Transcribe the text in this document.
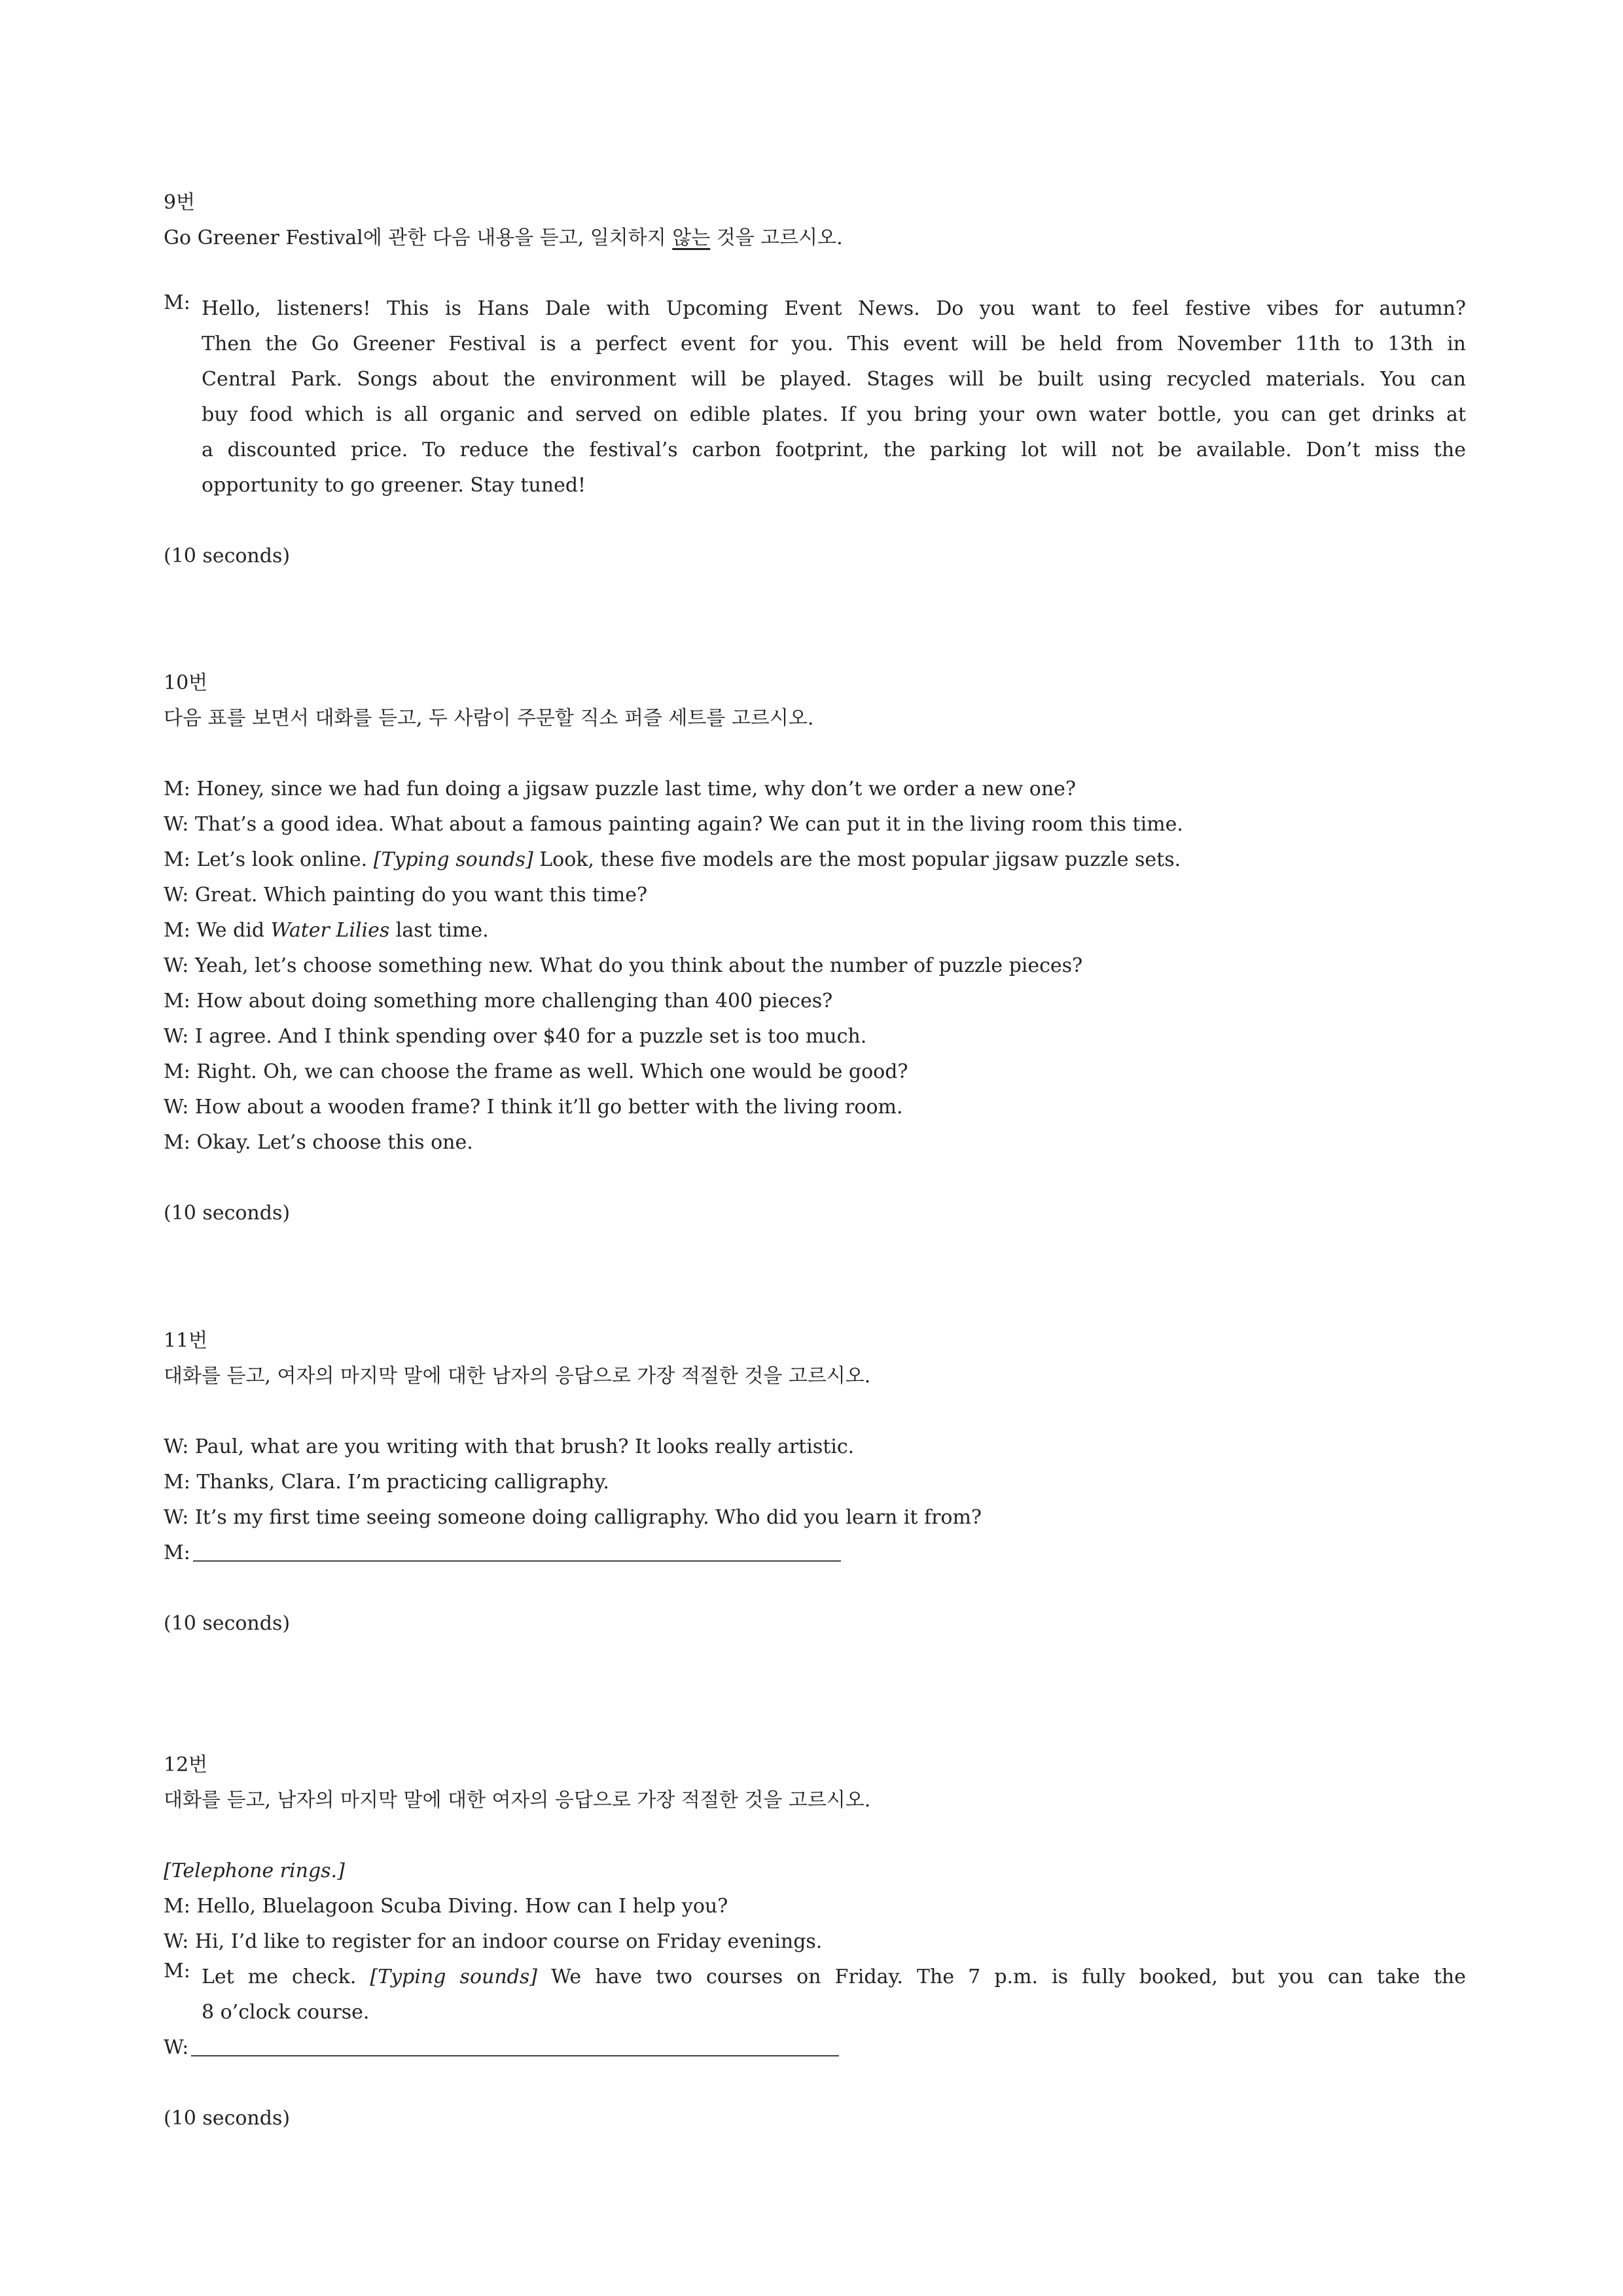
9번
Go Greener Festival에 관한 다음 내용을 듣고, 일치하지 않는 것을 고르시오.
M: Hello, listeners! This is Hans Dale with Upcoming Event News. Do you want to feel festive vibes for autumn?
Then the Go Greener Festival is a perfect event for you. This event will be held from November 11th to 13th in
Central Park. Songs about the environment will be played. Stages will be built using recycled materials. You can
buy food which is all organic and served on edible plates. If you bring your own water bottle, you can get drinks at
a discounted price. To reduce the festival’s carbon footprint, the parking lot will not be available. Don’t miss the
opportunity to go greener. Stay tuned!
(10 seconds)
10번
다음 표를 보면서 대화를 듣고, 두 사람이 주문할 직소 퍼즐 세트를 고르시오.
M: Honey, since we had fun doing a jigsaw puzzle last time, why don’t we order a new one?
W: That’s a good idea. What about a famous painting again? We can put it in the living room this time.
M: Let’s look online. [Typing sounds] Look, these five models are the most popular jigsaw puzzle sets.
W: Great. Which painting do you want this time?
M: We did Water Lilies last time.
W: Yeah, let’s choose something new. What do you think about the number of puzzle pieces?
M: How about doing something more challenging than 400 pieces?
W: I agree. And I think spending over $40 for a puzzle set is too much.
M: Right. Oh, we can choose the frame as well. Which one would be good?
W: How about a wooden frame? I think it’ll go better with the living room.
M: Okay. Let’s choose this one.
(10 seconds)
11번
대화를 듣고, 여자의 마지막 말에 대한 남자의 응답으로 가장 적절한 것을 고르시오.
W: Paul, what are you writing with that brush? It looks really artistic.
M: Thanks, Clara. I’m practicing calligraphy.
W: It’s my first time seeing someone doing calligraphy. Who did you learn it from?
M:
(10 seconds)
12번
대화를 듣고, 남자의 마지막 말에 대한 여자의 응답으로 가장 적절한 것을 고르시오.
[Telephone rings.]
M: Hello, Bluelagoon Scuba Diving. How can I help you?
W: Hi, I’d like to register for an indoor course on Friday evenings.
M: Let me check. [Typing sounds] We have two courses on Friday. The 7 p.m. is fully booked, but you can take the
8 o’clock course.
W:
(10 seconds)
